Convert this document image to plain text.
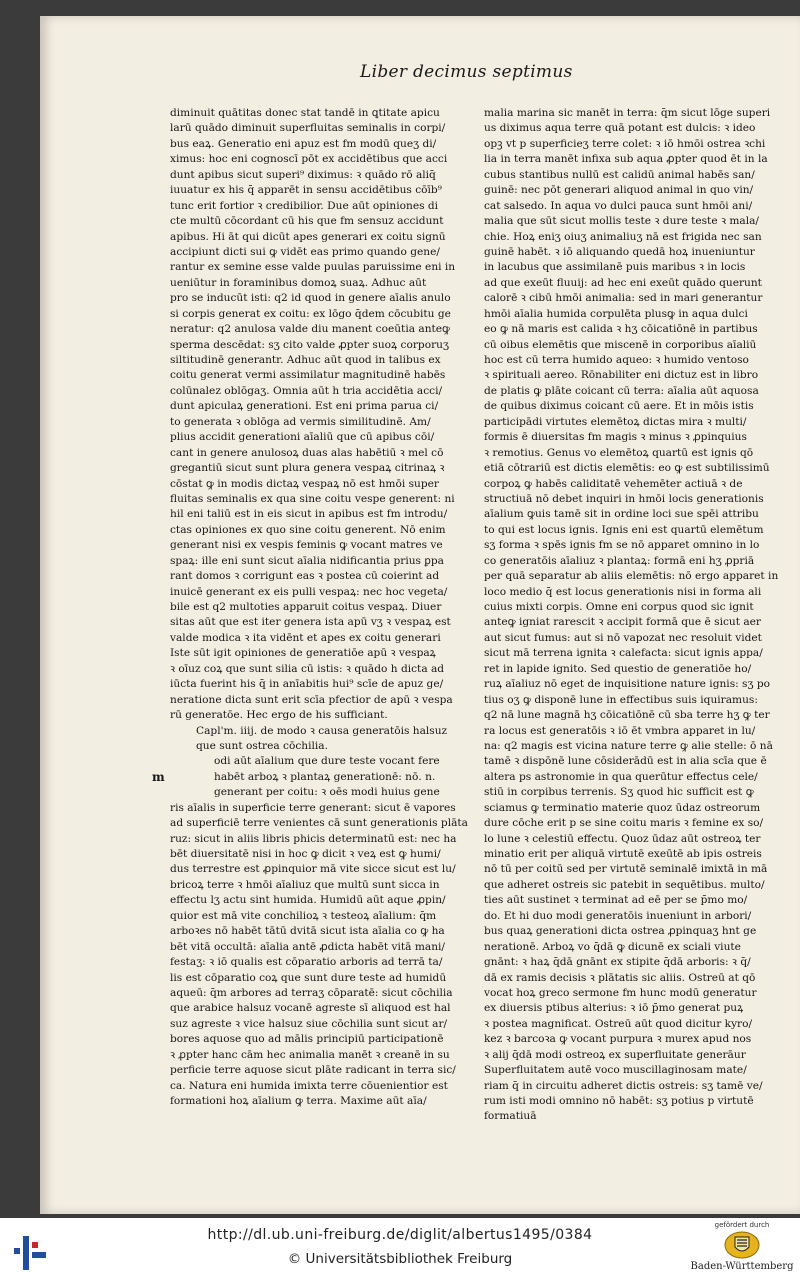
Liber decimus septimus
diminuit quātitas donec stat tandē in ꝗtitate apicu
larū quādo diminuit superfluitas seminalis in corpi/
bus eaꝝ. Generatio eni apuz est fm modū queʒ di/
ximus: hoc eni cognoscī pōt ex accidētibus que acci
dunt apibus sicut superi⁹ diximus: ꝛ quādo rō aliq̄
iuuatur ex his q̄ apparēt in sensu accidētibus cōīb⁹
tunc erit fortior ꝛ credibilior. Due aūt opiniones di
cte multū cōcordant cū his que fm sensuz accidunt
apibus. Hi āt qui dicūt apes generari ex coitu signū
accipiunt dicti sui ꝙ vidēt eas primo quando gene/
rantur ex semine esse valde puulas paruissime eni in
ueniūtur in foraminibus domoꝝ suaꝝ. Adhuc aūt
pro se inducūt isti: q2 id quod in genere aīalis anulo
si corpis generat ex coitu: ex lōgo q̄dem cōcubitu ge
neratur: q2 anulosa valde diu manent coeūtia anteꝙ
sperma descēdat: sʒ cito valde ꝓpter suoꝝ corporuʒ
siltitudinē generantr. Adhuc aūt quod in talibus ex
coitu generat vermi assimilatur magnitudinē habēs
colūnalez oblōgaʒ. Omnia aūt h tria accidētia acci/
dunt apiculaꝝ generationi. Est eni prima parua ci/
to generata ꝛ oblōga ad vermis similitudinē. Am/
plius accidit generationi aīaliū que cū apibus cōi/
cant in genere anulosoꝝ duas alas habētiū ꝛ mel cō
gregantiū sicut sunt plura genera vespaꝝ citrinaꝝ ꝛ
cōstat ꝙ in modis dictaꝝ vespaꝝ nō est hmōi super
fluitas seminalis ex qua sine coitu vespe generent: ni
hil eni taliū est in eis sicut in apibus est fm introdu/
ctas opiniones ex quo sine coitu generent. Nō enim
generant nisi ex vespis feminis ꝙ vocant matres ve
spaꝝ: ille eni sunt sicut aīalia nidificantia prius ꝑpa
rant domos ꝛ corrigunt eas ꝛ postea cū coierint ad
inuicē generant ex eis pulli vespaꝝ: nec hoc vegeta/
bile est q2 multoties apparuit coitus vespaꝝ. Diuer
sitas aūt que est iter genera ista apū vʒ ꝛ vespaꝝ est
valde modica ꝛ ita vidēnt et apes ex coitu generari
Iste sūt igit opiniones de generatiōe apū ꝛ vespaꝝ
ꝛ oīuz coꝝ que sunt silia cū istis: ꝛ quādo h dicta ad
iūcta fuerint his q̄ in anīabitis hui⁹ scīe de apuz ge/
neratione dicta sunt erit scīa pfectior de apū ꝛ vespa
rū generatōe. Hec ergo de his sufficiant.
Capl'm. iiij. de modo ꝛ causa generatōis halsuz
que sunt ostrea cōchilia.
odi aūt aīalium que dure teste vocant fere
m	habēt arboꝝ ꝛ plantaꝝ generationē: nō. n.
generant per coitu: ꝛ oēs modi huius gene
ris aīalis in superficie terre generant: sicut ē vapores
ad superficiē terre venientes cā sunt generationis plāta
ruz: sicut in aliis libris phicis determinatū est: nec ha
bēt diuersitatē nisi in hoc ꝙ dicit ꝛ veꝝ est ꝙ humi/
dus terrestre est ꝓpinquior mā vite sicce sicut est lu/
bricoꝝ terre ꝛ hmōi aīaliuz que multū sunt sicca in
effectu lʒ actu sint humida. Humidū aūt aque ꝓpin/
quior est mā vite conchilioꝝ ꝛ testeoꝝ aīalium: q̄m
arboꝛes nō habēt tātū dvitā sicut ista aīalia co ꝙ ha
bēt vitā occultā: aīalia antē ꝓdicta habēt vitā mani/
festaʒ: ꝛ iō qualis est cōparatio arboris ad terrā ta/
lis est cōparatio coꝝ que sunt dure teste ad humidū
aqueū: q̄m arbores ad terraʒ cōparatē: sicut cōchilia
que arabice halsuz vocanē agreste sī aliquod est hal
suz agreste ꝛ vice halsuz siue cōchilia sunt sicut ar/
bores aquose quo ad mālis principiū participationē
ꝛ ꝓpter hanc cām hec animalia manēt ꝛ creanē in su
perficie terre aquose sicut plāte radicant in terra sic/
ca. Natura eni humida imixta terre cōuenientior est
formationi hoꝝ aīalium ꝙ terra. Maxime aūt aīa/
malia marina sic manēt in terra: q̄m sicut lōge superi
us diximus aqua terre quā potant est dulcis: ꝛ ideo
opꝫ vt p superficieʒ terre colet: ꝛ iō hmōi ostrea ꝛchi
lia in terra manēt infixa sub aqua ꝓpter quod ēt in la
cubus stantibus nullū est calidū animal habēs san/
guinē: nec pōt generari aliquod animal in quo vin/
cat salsedo. In aqua vo dulci pauca sunt hmōi ani/
malia que sūt sicut mollis teste ꝛ dure teste ꝛ mala/
chie. Hoꝝ eniʒ oiuʒ animaliuʒ nā est frigida nec san
guinē habēt. ꝛ iō aliquando quedā hoꝝ inueniuntur
in lacubus que assimilanē puis maribus ꝛ in locis
ad que exeūt fluuij: ad hec eni exeūt quādo querunt
calorē ꝛ cibū hmōi animalia: sed in mari generantur
hmōi aīalia humida corpulēta plusꝙ in aqua dulci
eo ꝙ nā maris est calida ꝛ hʒ cōicatiōnē in partibus
cū oibus elemētis que miscenē in corporibus aīaliū
hoc est cū terra humido aqueo: ꝛ humido ventoso
ꝛ spirituali aereo. Rōnabiliter eni dictuz est in libro
de platis ꝙ plāte coicant cū terra: aīalia aūt aquosa
de quibus diximus coicant cū aere. Et in mōis istis
participādi virtutes elemētoꝝ dictas mira ꝛ multi/
formis ē diuersitas fm magis ꝛ minus ꝛ ꝓpinquius
ꝛ remotius. Genus vo elemētoꝝ quartū est ignis qō
etiā cōtrariū est dictis elemētis: eo ꝙ est subtilissimū
corpoꝝ ꝙ habēs caliditatē vehemēter actiuā ꝛ de
structiuā nō debet inquiri in hmōi locis generationis
aīalium ꝙuis tamē sit in ordine loci sue spēi attribu
to qui est locus ignis. Ignis eni est quartū elemētum
sʒ forma ꝛ spēs ignis fm se nō apparet omnino in lo
co generatōis aīaliuz ꝛ plantaꝝ: formā eni hʒ ꝓpriā
per quā separatur ab aliis elemētis: nō ergo apparet in
loco medio q̄ est locus generationis nisi in forma ali
cuius mixti corpis. Omne eni corpus quod sic ignit
anteꝙ igniat rarescit ꝛ accipit formā que ē sicut aer
aut sicut fumus: aut si nō vapozat nec resoluit videt
sicut mā terrena ignita ꝛ calefacta: sicut ignis appa/
ret in lapide ignito. Sed questio de generatiōe ho/
ruꝝ aīaliuz nō eget de inquisitione nature ignis: sʒ po
tius oʒ ꝙ disponē lune in effectibus suis iquiramus:
q2 nā lune magnā hʒ cōicatiōnē cū sba terre hʒ ꝙ ter
ra locus est generatōis ꝛ iō ēt vmbra apparet in lu/
na: q2 magis est vicina nature terre ꝙ alie stelle: ō nā
tamē ꝛ dispōnē lune cōsiderādū est in alia scīa que ē
altera ps astronomie in qua querūtur effectus cele/
stiū in corpibus terrenis. Sʒ quod hic sufficit est ꝙ
sciamus ꝙ terminatio materie quoz ūdaz ostreorum
dure cōche erit p se sine coitu maris ꝛ femine ex so/
lo lune ꝛ celestiū effectu. Quoz ūdaz aūt ostreoꝝ ter
minatio erit per aliquā virtutē exeūtē ab ipis ostreis
nō tū per coitū sed per virtutē seminalē imixtā in mā
que adheret ostreis sic patebit in sequētibus. multo/
ties aūt sustinet ꝛ terminat ad eē per se p̄mo mo/
do. Et hi duo modi generatōis inueniunt in arbori/
bus quaꝝ generationi dicta ostrea ꝓpinquaʒ hnt ge
nerationē. Arboꝝ vo q̄dā ꝙ dicunē ex sciali viute
gnānt: ꝛ haꝝ q̄dā gnānt ex stipite q̄dā arboris: ꝛ q̄/
dā ex ramis decisis ꝛ plātatis sic aliis. Ostreū at qō
vocat hoꝝ greco sermone fm hunc modū generatur
ex diuersis ptibus alterius: ꝛ iō p̄mo generat puꝝ
ꝛ postea magnificat. Ostreū aūt quod dicitur kyro/
kez ꝛ barcoꝛa ꝙ vocant purpura ꝛ murex apud nos
ꝛ alij q̄dā modi ostreoꝝ ex superfluitate generāur
Superfluitatem autē voco muscillaginosam mate/
riam q̄ in circuitu adheret dictis ostreis: sʒ tamē ve/
rum isti modi omnino nō habēt: sʒ potius p virtutē
formatiuā
http://dl.ub.uni-freiburg.de/diglit/albertus1495/0384
© Universitätsbibliothek Freiburg
gefördert durch
Baden-Württemberg
